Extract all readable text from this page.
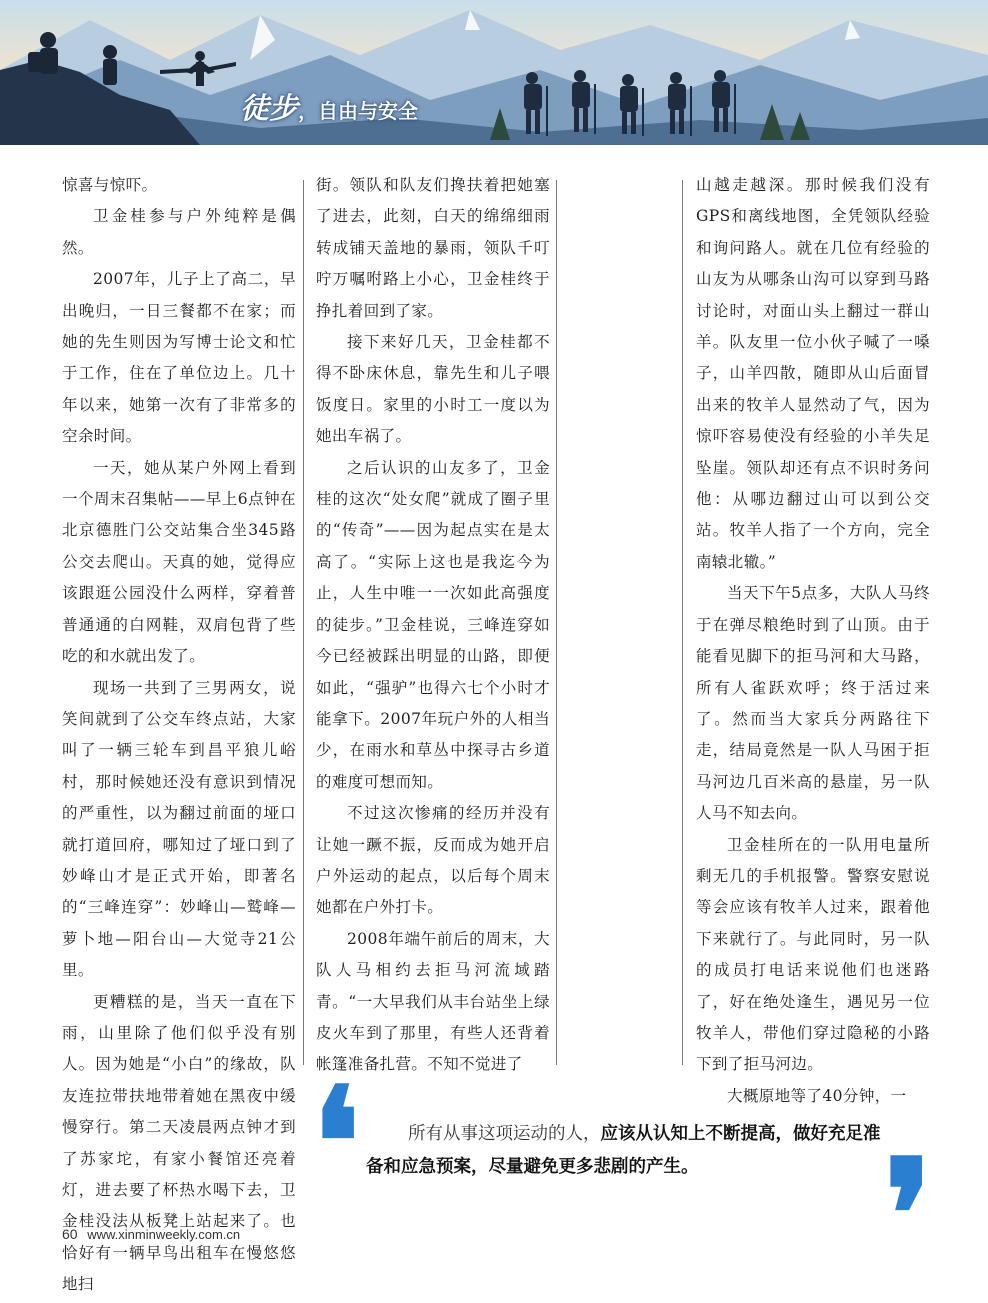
徒步，自由与安全

惊喜与惊吓。

卫金桂参与户外纯粹是偶然。

2007年，儿子上了高二，早出晚归，一日三餐都不在家；而她的先生则因为写博士论文和忙于工作，住在了单位边上。几十年以来，她第一次有了非常多的空余时间。

一天，她从某户外网上看到一个周末召集帖——早上6点钟在北京德胜门公交站集合坐345路公交去爬山。天真的她，觉得应该跟逛公园没什么两样，穿着普普通通的白网鞋，双肩包背了些吃的和水就出发了。

现场一共到了三男两女，说笑间就到了公交车终点站，大家叫了一辆三轮车到昌平狼儿峪村，那时候她还没有意识到情况的严重性，以为翻过前面的垭口就打道回府，哪知过了垭口到了妙峰山才是正式开始，即著名的“三峰连穿”：妙峰山—鹫峰—萝卜地—阳台山—大觉寺21公里。

更糟糕的是，当天一直在下雨，山里除了他们似乎没有别人。因为她是“小白”的缘故，队友连拉带扶地带着她在黑夜中缓慢穿行。第二天凌晨两点钟才到了苏家坨，有家小餐馆还亮着灯，进去要了杯热水喝下去，卫金桂没法从板凳上站起来了。也恰好有一辆早鸟出租车在慢悠悠地扫

街。领队和队友们搀扶着把她塞了进去，此刻，白天的绵绵细雨转成铺天盖地的暴雨，领队千叮咛万嘱咐路上小心，卫金桂终于挣扎着回到了家。

接下来好几天，卫金桂都不得不卧床休息，靠先生和儿子喂饭度日。家里的小时工一度以为她出车祸了。

之后认识的山友多了，卫金桂的这次“处女爬”就成了圈子里的“传奇”——因为起点实在是太高了。“实际上这也是我迄今为止，人生中唯一一次如此高强度的徒步。”卫金桂说，三峰连穿如今已经被踩出明显的山路，即便如此，“强驴”也得六七个小时才能拿下。2007年玩户外的人相当少，在雨水和草丛中探寻古乡道的难度可想而知。

不过这次惨痛的经历并没有让她一蹶不振，反而成为她开启户外运动的起点，以后每个周末她都在户外打卡。

2008年端午前后的周末，大队人马相约去拒马河流域踏青。“一大早我们从丰台站坐上绿皮火车到了那里，有些人还背着帐篷准备扎营。不知不觉进了

山越走越深。那时候我们没有GPS和离线地图，全凭领队经验和询问路人。就在几位有经验的山友为从哪条山沟可以穿到马路讨论时，对面山头上翻过一群山羊。队友里一位小伙子喊了一嗓子，山羊四散，随即从山后面冒出来的牧羊人显然动了气，因为惊吓容易使没有经验的小羊失足坠崖。领队却还有点不识时务问他：从哪边翻过山可以到公交站。牧羊人指了一个方向，完全南辕北辙。”

当天下午5点多，大队人马终于在弹尽粮绝时到了山顶。由于能看见脚下的拒马河和大马路，所有人雀跃欢呼；终于活过来了。然而当大家兵分两路往下走，结局竟然是一队人马困于拒马河边几百米高的悬崖，另一队人马不知去向。

卫金桂所在的一队用电量所剩无几的手机报警。警察安慰说等会应该有牧羊人过来，跟着他下来就行了。与此同时，另一队的成员打电话来说他们也迷路了，好在绝处逢生，遇见另一位牧羊人，带他们穿过隐秘的小路下到了拒马河边。

大概原地等了40分钟，一

❛	所有从事这项运动的人，应该从认知上不断提高，做好充足准备和应急预案，尽量避免更多悲剧的产生。	❜
60 www.xinminweekly.com.cn
